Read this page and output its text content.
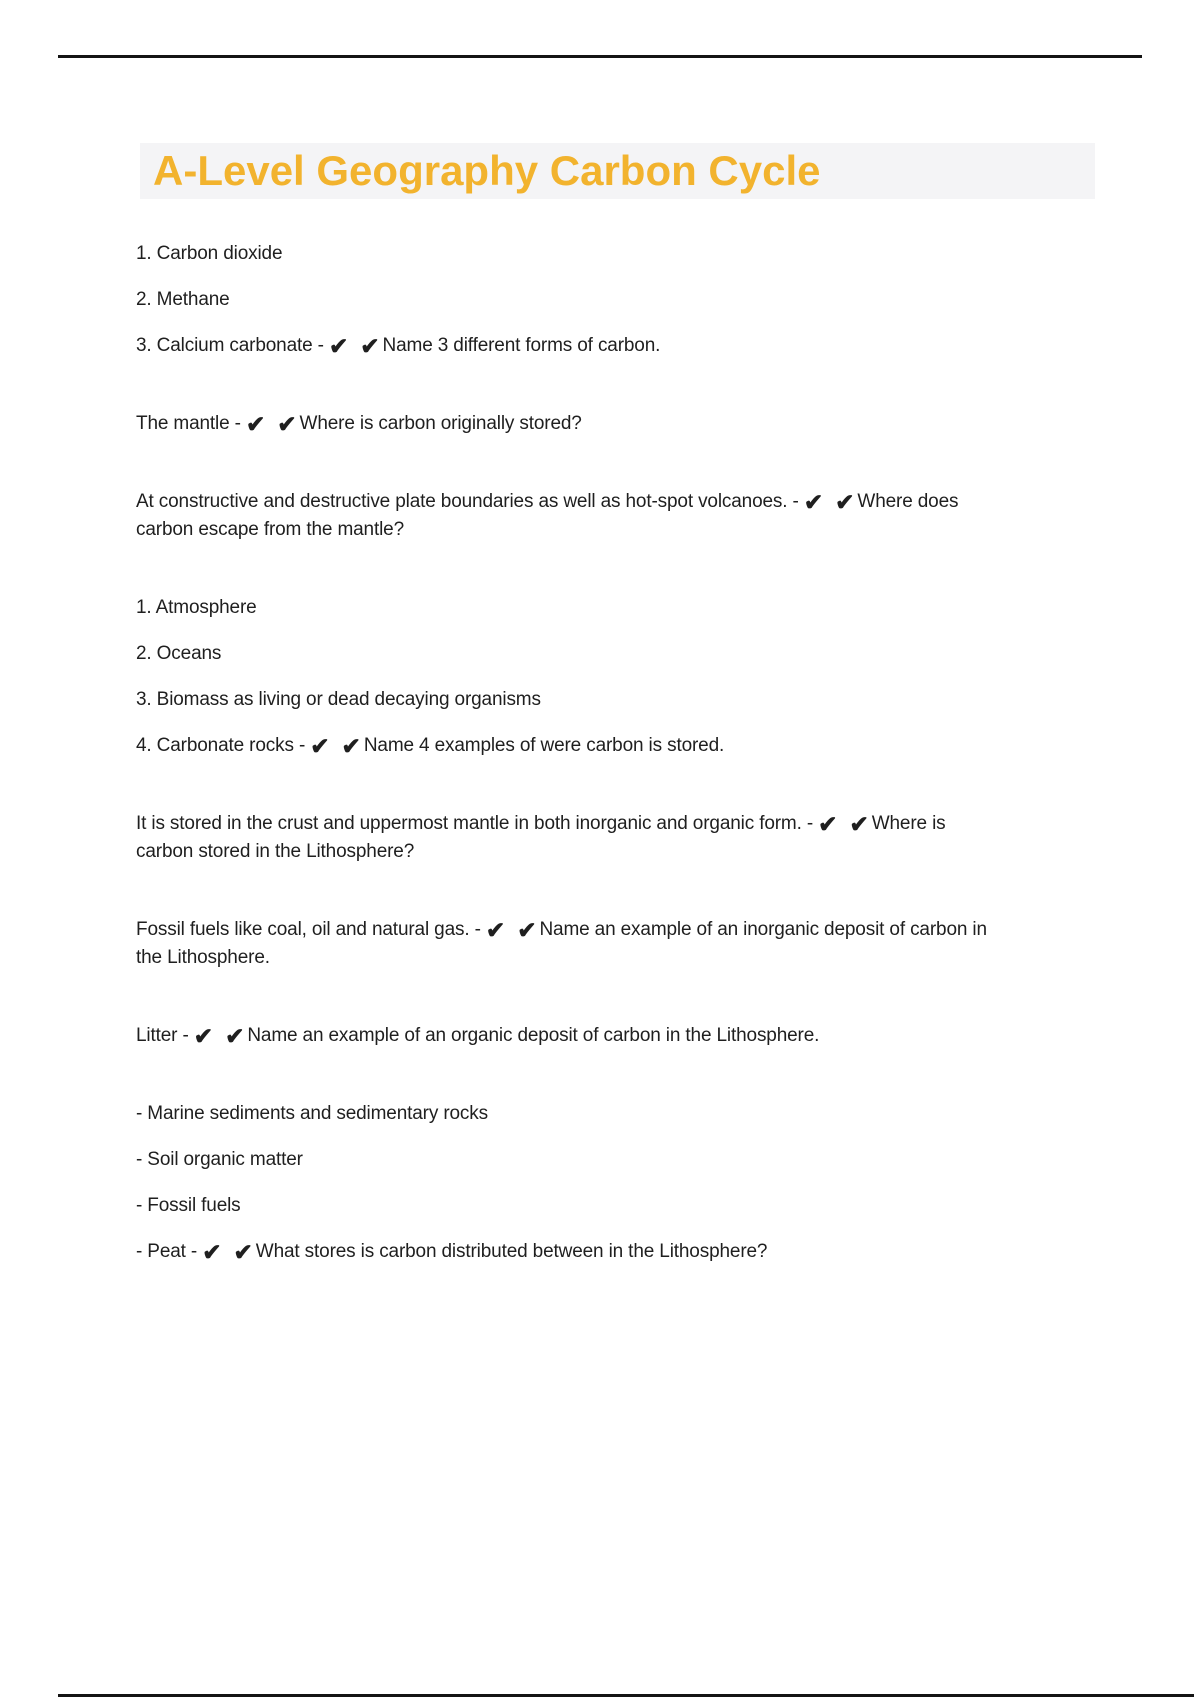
A-Level Geography Carbon Cycle
1. Carbon dioxide
2. Methane
3. Calcium carbonate - ✔ ✔ Name 3 different forms of carbon.
The mantle - ✔ ✔ Where is carbon originally stored?
At constructive and destructive plate boundaries as well as hot-spot volcanoes. - ✔ ✔ Where does
carbon escape from the mantle?
1. Atmosphere
2. Oceans
3. Biomass as living or dead decaying organisms
4. Carbonate rocks - ✔ ✔ Name 4 examples of were carbon is stored.
It is stored in the crust and uppermost mantle in both inorganic and organic form. - ✔ ✔ Where is
carbon stored in the Lithosphere?
Fossil fuels like coal, oil and natural gas. - ✔ ✔ Name an example of an inorganic deposit of carbon in
the Lithosphere.
Litter - ✔ ✔ Name an example of an organic deposit of carbon in the Lithosphere.
- Marine sediments and sedimentary rocks
- Soil organic matter
- Fossil fuels
- Peat - ✔ ✔ What stores is carbon distributed between in the Lithosphere?
